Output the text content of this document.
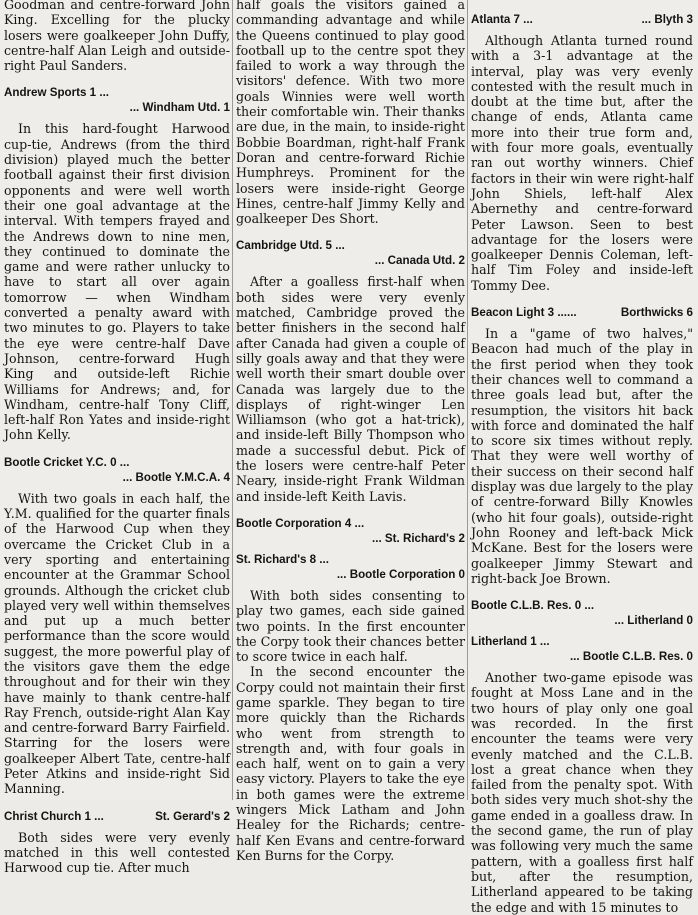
Goodman and centre-forward John King. Excelling for the plucky losers were goalkeeper John Duffy, centre-half Alan Leigh and outside-right Paul Sanders.

Andrew Sports 1 ...
... Windham Utd. 1

In this hard-fought Harwood cup-tie, Andrews (from the third division) played much the better football against their first division opponents and were well worth their one goal advantage at the interval. With tempers frayed and the Andrews down to nine men, they continued to dominate the game and were rather unlucky to have to start all over again tomorrow — when Windham converted a penalty award with two minutes to go. Players to take the eye were centre-half Dave Johnson, centre-forward Hugh King and outside-left Richie Williams for Andrews; and, for Windham, centre-half Tony Cliff, left-half Ron Yates and inside-right John Kelly.

Bootle Cricket Y.C. 0 ...
... Bootle Y.M.C.A. 4

With two goals in each half, the Y.M. qualified for the quarter finals of the Harwood Cup when they overcame the Cricket Club in a very sporting and entertaining encounter at the Grammar School grounds. Although the cricket club played very well within themselves and put up a much better performance than the score would suggest, the more powerful play of the visitors gave them the edge throughout and for their win they have mainly to thank centre-half Ray French, outside-right Alan Kay and centre-forward Barry Fairfield. Starring for the losers were goalkeeper Albert Tate, centre-half Peter Atkins and inside-right Sid Manning.

Christ Church 1 ...	St. Gerard's 2

Both sides were very evenly matched in this well contested Harwood cup tie. After much

half goals the visitors gained a commanding advantage and while the Queens continued to play good football up to the centre spot they failed to work a way through the visitors' defence. With two more goals Winnies were well worth their comfortable win. Their thanks are due, in the main, to inside-right Bobbie Boardman, right-half Frank Doran and centre-forward Richie Humphreys. Prominent for the losers were inside-right George Hines, centre-half Jimmy Kelly and goalkeeper Des Short.

Cambridge Utd. 5 ...
... Canada Utd. 2

After a goalless first-half when both sides were very evenly matched, Cambridge proved the better finishers in the second half after Canada had given a couple of silly goals away and that they were well worth their smart double over Canada was largely due to the displays of right-winger Len Williamson (who got a hat-trick), and inside-left Billy Thompson who made a successful debut. Pick of the losers were centre-half Peter Neary, inside-right Frank Wildman and inside-left Keith Lavis.

Bootle Corporation 4 ...
... St. Richard's 2
St. Richard's 8 ...
... Bootle Corporation 0

With both sides consenting to play two games, each side gained two points. In the first encounter the Corpy took their chances better to score twice in each half.

In the second encounter the Corpy could not maintain their first game sparkle. They began to tire more quickly than the Richards who went from strength to strength and, with four goals in each half, went on to gain a very easy victory. Players to take the eye in both games were the extreme wingers Mick Latham and John Healey for the Richards; centre-half Ken Evans and centre-forward Ken Burns for the Corpy.

Atlanta 7 ...	... Blyth 3

Although Atlanta turned round with a 3-1 advantage at the interval, play was very evenly contested with the result much in doubt at the time but, after the change of ends, Atlanta came more into their true form and, with four more goals, eventually ran out worthy winners. Chief factors in their win were right-half John Shiels, left-half Alex Abernethy and centre-forward Peter Lawson. Seen to best advantage for the losers were goalkeeper Dennis Coleman, left-half Tim Foley and inside-left Tommy Dee.

Beacon Light 3 ......	Borthwicks 6

In a "game of two halves," Beacon had much of the play in the first period when they took their chances well to command a three goals lead but, after the resumption, the visitors hit back with force and dominated the half to score six times without reply. That they were well worthy of their success on their second half display was due largely to the play of centre-forward Billy Knowles (who hit four goals), outside-right John Rooney and left-back Mick McKane. Best for the losers were goalkeeper Jimmy Stewart and right-back Joe Brown.

Bootle C.L.B. Res. 0 ...
... Litherland 0
Litherland 1 ...
... Bootle C.L.B. Res. 0

Another two-game episode was fought at Moss Lane and in the two hours of play only one goal was recorded. In the first encounter the teams were very evenly matched and the C.L.B. lost a great chance when they failed from the penalty spot. With both sides very much shot-shy the game ended in a goalless draw. In the second game, the run of play was following very much the same pattern, with a goalless first half but, after the resumption, Litherland appeared to be taking the edge and with 15 minutes to
